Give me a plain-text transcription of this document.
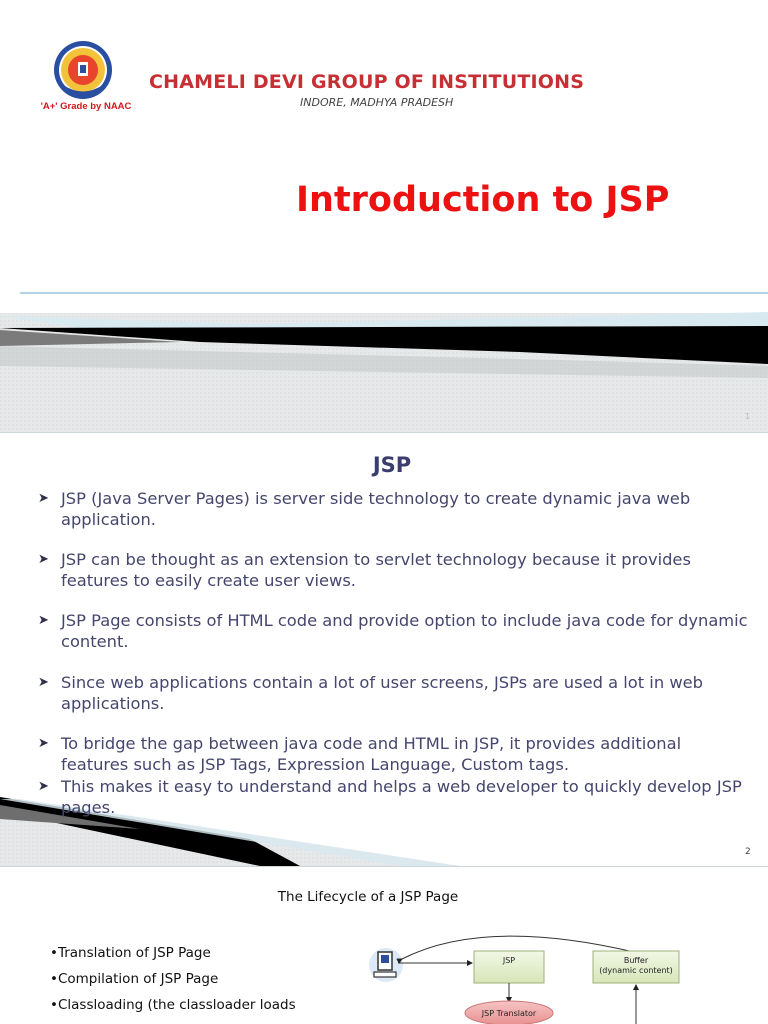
'A+' Grade by NAAC
CHAMELI DEVI GROUP OF INSTITUTIONS
INDORE, MADHYA PRADESH
Introduction to JSP
1
JSP
➤ JSP (Java Server Pages) is server side technology to create dynamic java web application.
➤ JSP can be thought as an extension to servlet technology because it provides features to easily create user views.
➤ JSP Page consists of HTML code and provide option to include java code for dynamic content.
➤ Since web applications contain a lot of user screens, JSPs are used a lot in web applications.
➤ To bridge the gap between java code and HTML in JSP, it provides additional features such as JSP Tags, Expression Language, Custom tags.
➤ This makes it easy to understand and helps a web developer to quickly develop JSP pages.
2
The Lifecycle of a JSP Page
•Translation of JSP Page
•Compilation of JSP Page
•Classloading (the classloader loads
JSP	Buffer
(dynamic content)
JSP Translator
